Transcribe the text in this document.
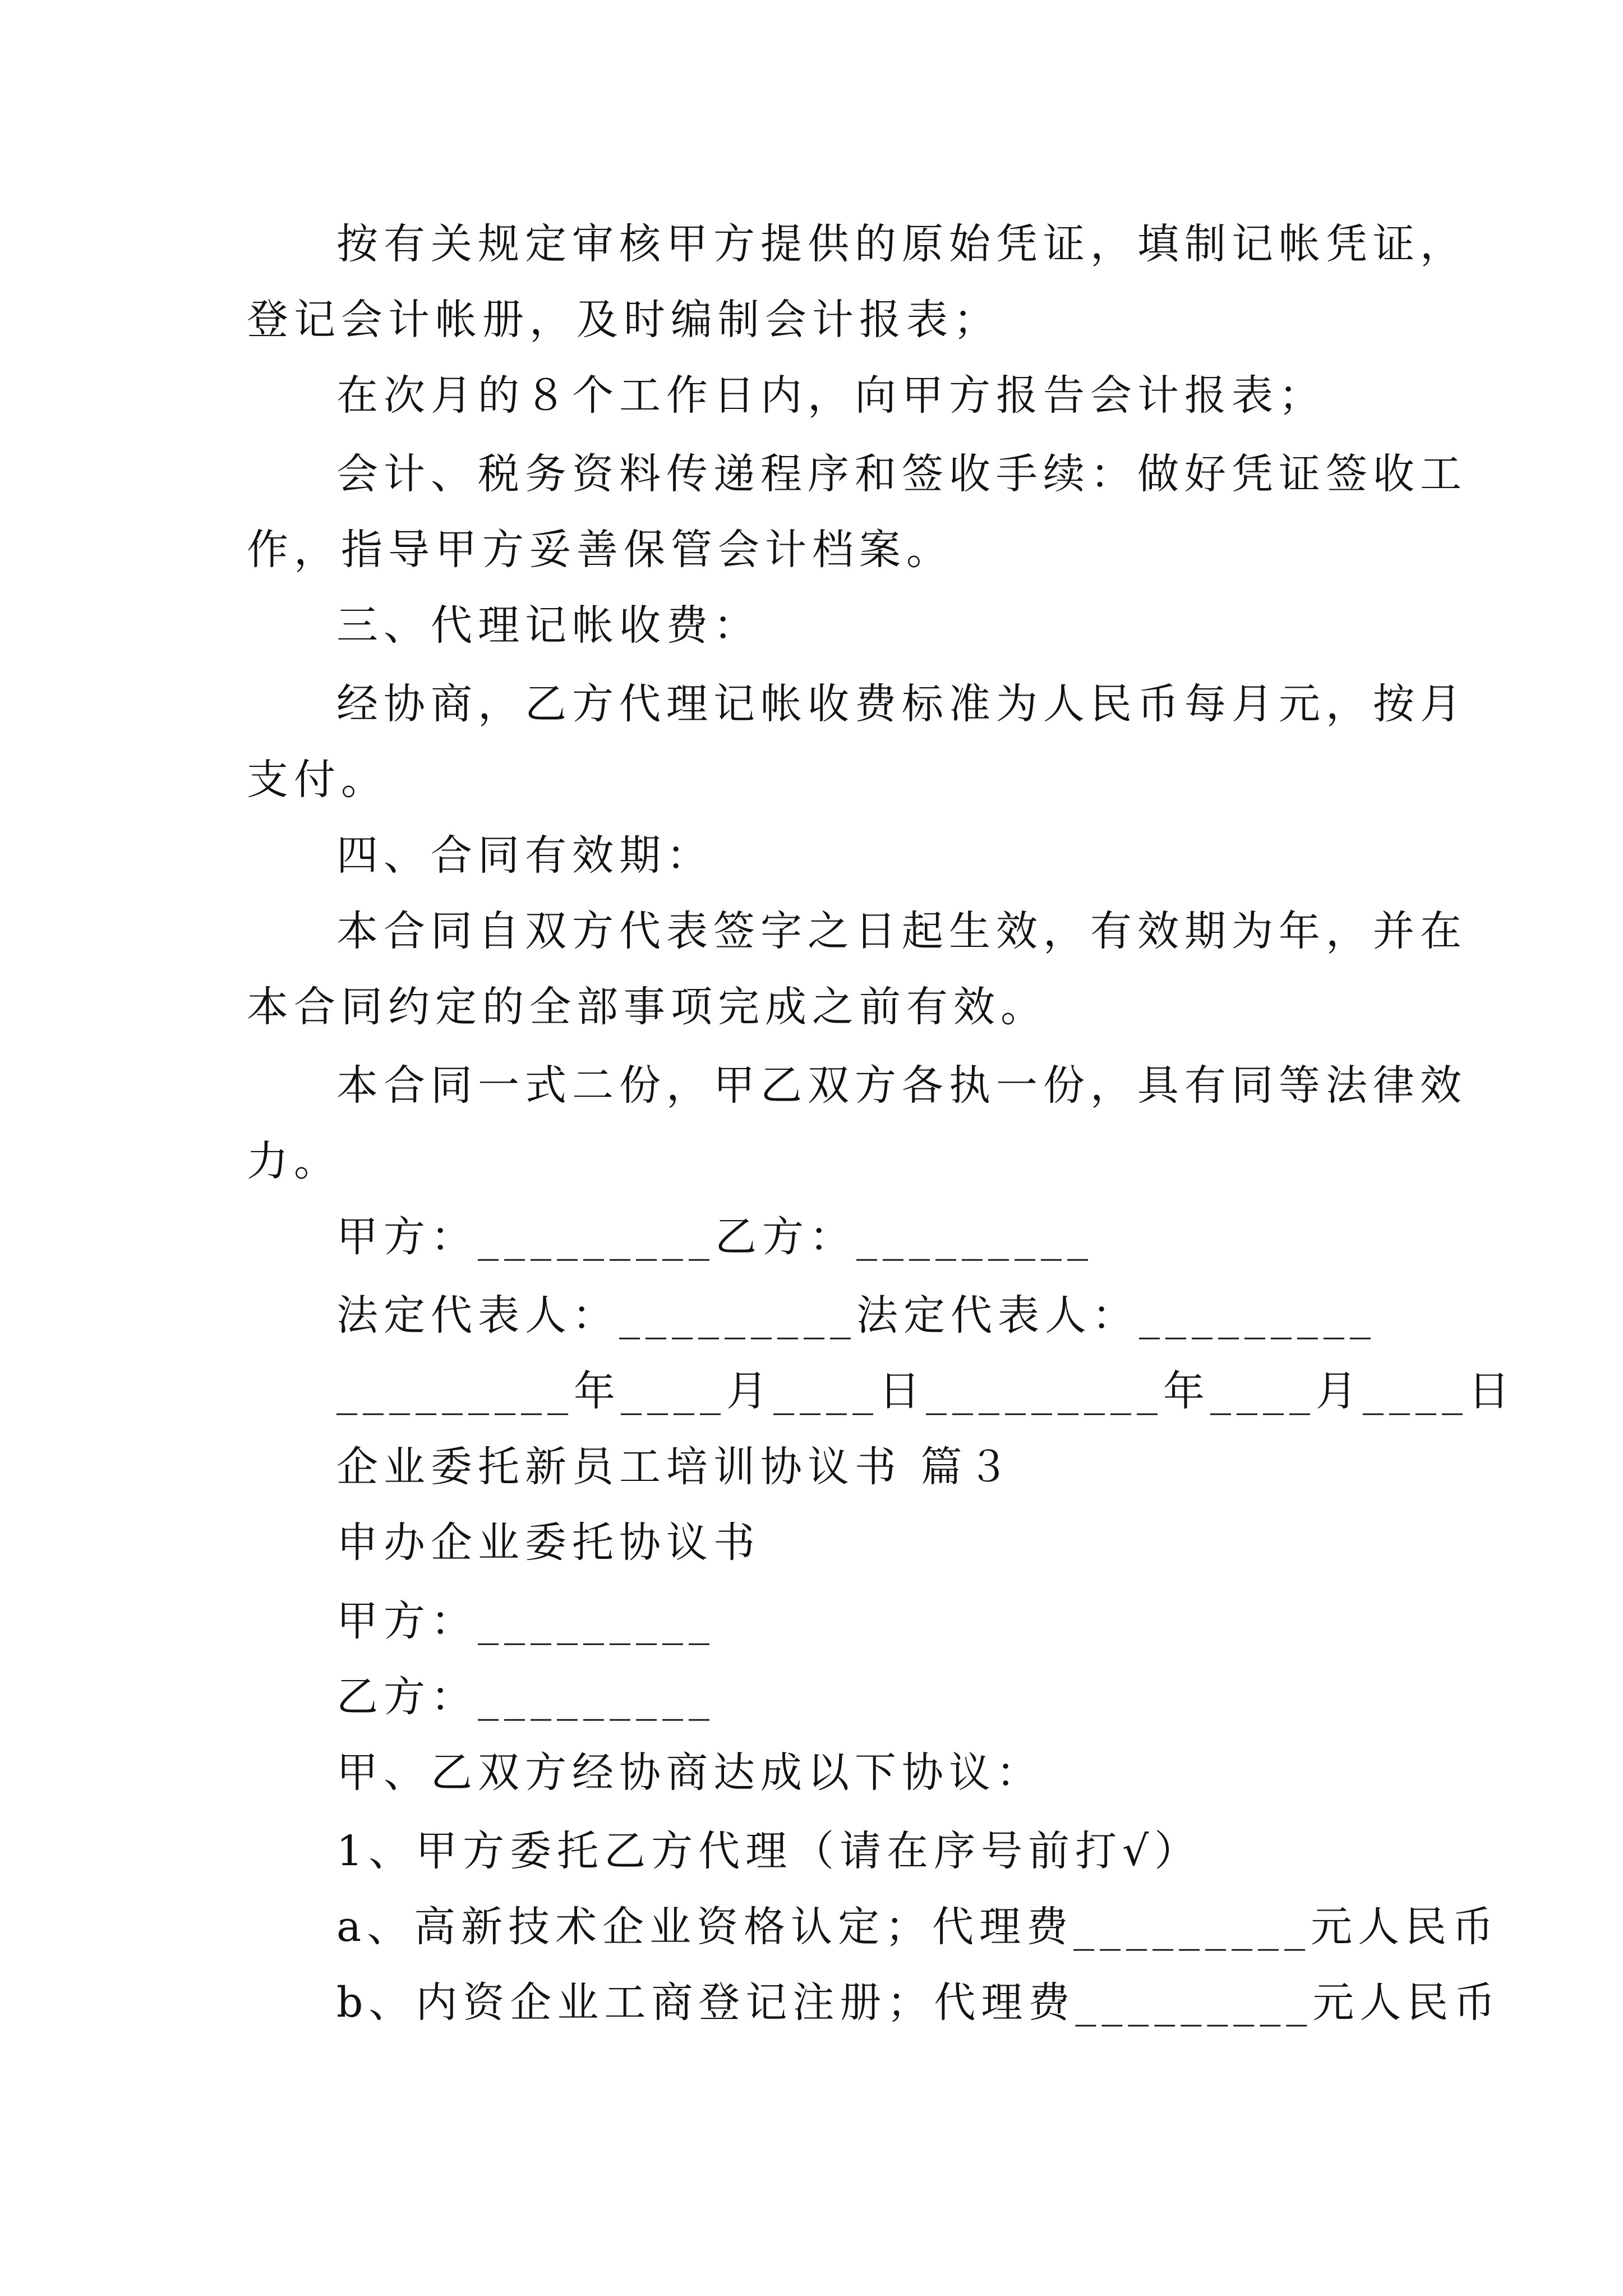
按有关规定审核甲方提供的原始凭证，填制记帐凭证，
登记会计帐册，及时编制会计报表；
在次月的８个工作日内，向甲方报告会计报表；
会计、税务资料传递程序和签收手续：做好凭证签收工
作，指导甲方妥善保管会计档案。
三、代理记帐收费：
经协商，乙方代理记帐收费标准为人民币每月元，按月
支付。
四、合同有效期：
本合同自双方代表签字之日起生效，有效期为年，并在
本合同约定的全部事项完成之前有效。
本合同一式二份，甲乙双方各执一份，具有同等法律效
力。
甲方：_________乙方：_________
法定代表人：_________法定代表人：_________
_________年____月____日_________年____月____日
企业委托新员工培训协议书 篇３
申办企业委托协议书
甲方：_________
乙方：_________
甲、乙双方经协商达成以下协议：
1、甲方委托乙方代理（请在序号前打√）
a、高新技术企业资格认定；代理费_________元人民币
b、内资企业工商登记注册；代理费_________元人民币
